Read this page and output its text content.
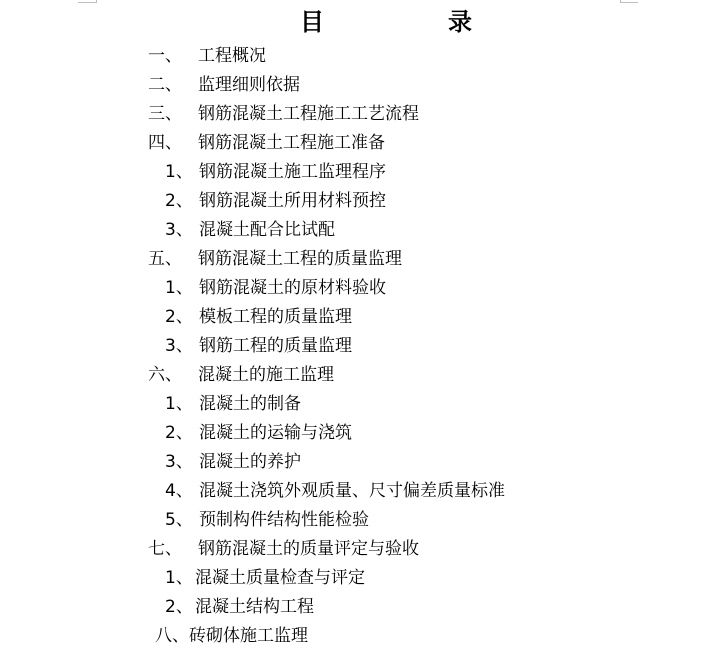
目　录
一、 工程概况
二、 监理细则依据
三、 钢筋混凝土工程施工工艺流程
四、 钢筋混凝土工程施工准备
1、 钢筋混凝土施工监理程序
2、 钢筋混凝土所用材料预控
3、 混凝土配合比试配
五、 钢筋混凝土工程的质量监理
1、 钢筋混凝土的原材料验收
2、 模板工程的质量监理
3、 钢筋工程的质量监理
六、 混凝土的施工监理
1、 混凝土的制备
2、 混凝土的运输与浇筑
3、 混凝土的养护
4、 混凝土浇筑外观质量、尺寸偏差质量标准
5、 预制构件结构性能检验
七、 钢筋混凝土的质量评定与验收
1、 混凝土质量检查与评定
2、 混凝土结构工程
八、砖砌体施工监理
